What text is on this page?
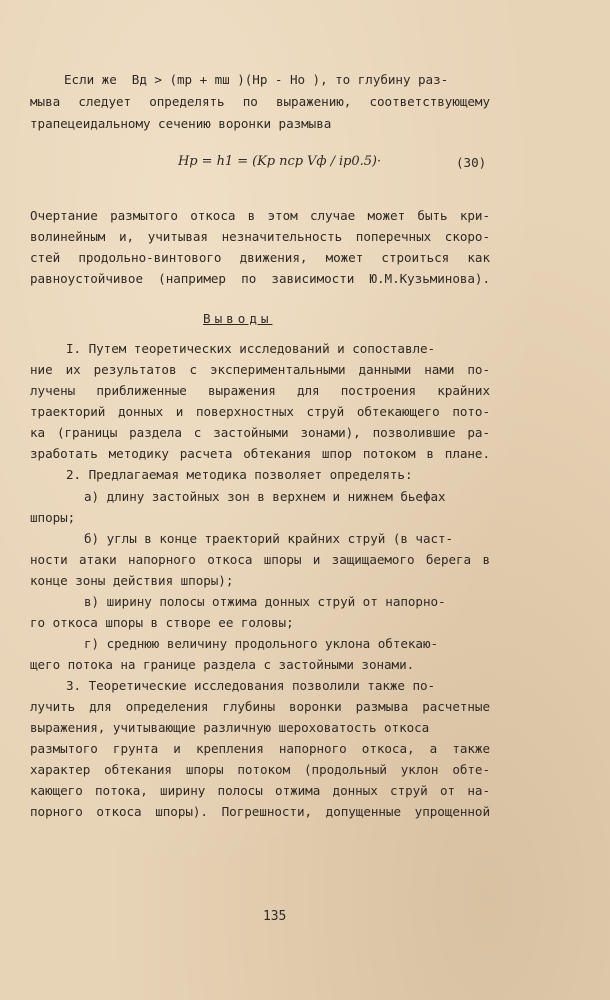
Если же  Bд > (mр + mш )(Hр - Hо ), то глубину раз-

мыва следует определять по выражению, соответствующему

трапецеидальному сечению воронки размыва

Hр = h1 = (Kр nср Vф / iр0.5)·	(30)

Очертание размытого откоса в этом случае может быть кри-

волинейным и, учитывая незначительность поперечных скоро-

стей продольно-винтового движения, может строиться как

равноустойчивое (например по зависимости Ю.М.Кузьминова).

Выводы

I. Путем теоретических исследований и сопоставле-

ние их результатов с экспериментальными данными нами по-

лучены приближенные выражения для построения крайних

траекторий донных и поверхностных струй обтекающего пото-

ка (границы раздела с застойными зонами), позволившие ра-

зработать методику расчета обтекания шпор потоком в плане.

2. Предлагаемая методика позволяет определять:

а) длину застойных зон в верхнем и нижнем бьефах

шпоры;

б) углы в конце траекторий крайних струй (в част-

ности атаки напорного откоса шпоры и защищаемого берега в

конце зоны действия шпоры);

в) ширину полосы отжима донных струй от напорно-

го откоса шпоры в створе ее головы;

г) среднюю величину продольного уклона обтекаю-

щего потока на границе раздела с застойными зонами.

3. Теоретические исследования позволили также по-

лучить для определения глубины воронки размыва расчетные

выражения, учитывающие различную шероховатость откоса

размытого грунта и крепления напорного откоса, а также

характер обтекания шпоры потоком (продольный уклон обте-

кающего потока, ширину полосы отжима донных струй от на-

порного откоса шпоры). Погрешности, допущенные упрощенной

135
